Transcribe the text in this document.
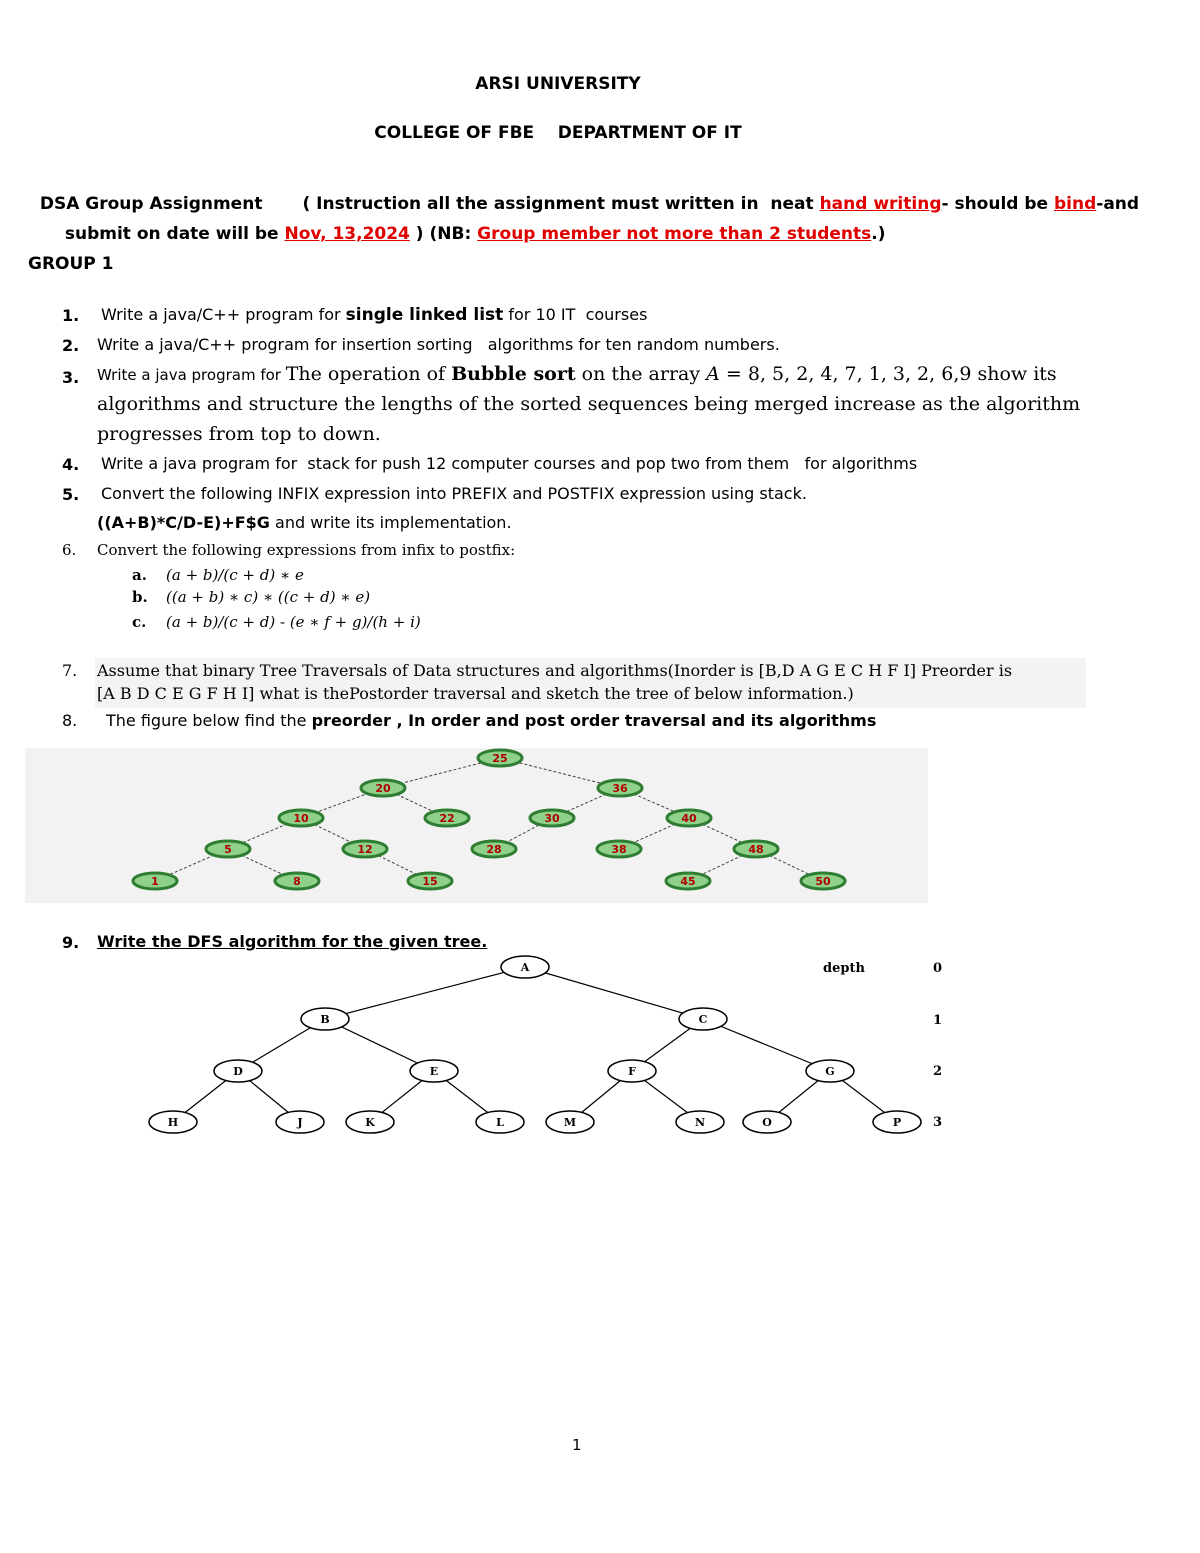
ARSI UNIVERSITY
COLLEGE OF FBE    DEPARTMENT OF IT

DSA Group Assignment ( Instruction all the assignment must written in  neat hand writing- should be bind-and

submit on date will be Nov, 13,2024 ) (NB: Group member not more than 2 students.)

GROUP 1
1. Write a java/C++ program for single linked list for 10 IT  courses
2. Write a java/C++ program for insertion sorting   algorithms for ten random numbers.
3. Write a java program for The operation of Bubble sort on the array A = 8, 5, 2, 4, 7, 1, 3, 2, 6,9 show its
algorithms and structure the lengths of the sorted sequences being merged increase as the algorithm
progresses from top to down.
4. Write a java program for  stack for push 12 computer courses and pop two from them   for algorithms
5. Convert the following INFIX expression into PREFIX and POSTFIX expression using stack.
((A+B)*C/D-E)+F$G and write its implementation.
6. Convert the following expressions from infix to postfix:
a. (a + b)/(c + d) ∗ e
b. ((a + b) ∗ c) ∗ ((c + d) ∗ e)
c. (a + b)/(c + d) - (e ∗ f + g)/(h + i)
7. Assume that binary Tree Traversals of Data structures and algorithms(Inorder is [B,D A G E C H F I] Preorder is
[A B D C E G F H I] what is thePostorder traversal and sketch the tree of below information.)
8. The figure below find the preorder , In order and post order traversal and its algorithms
25
20	36
10	22	30	40
5	12	28	38	48
1	8	15	45	50
9. Write the DFS algorithm for the given tree.
A
B	C
D	E	F	G
H	J	K	L	M	N	O	P
depth	0
1
2
3
1
